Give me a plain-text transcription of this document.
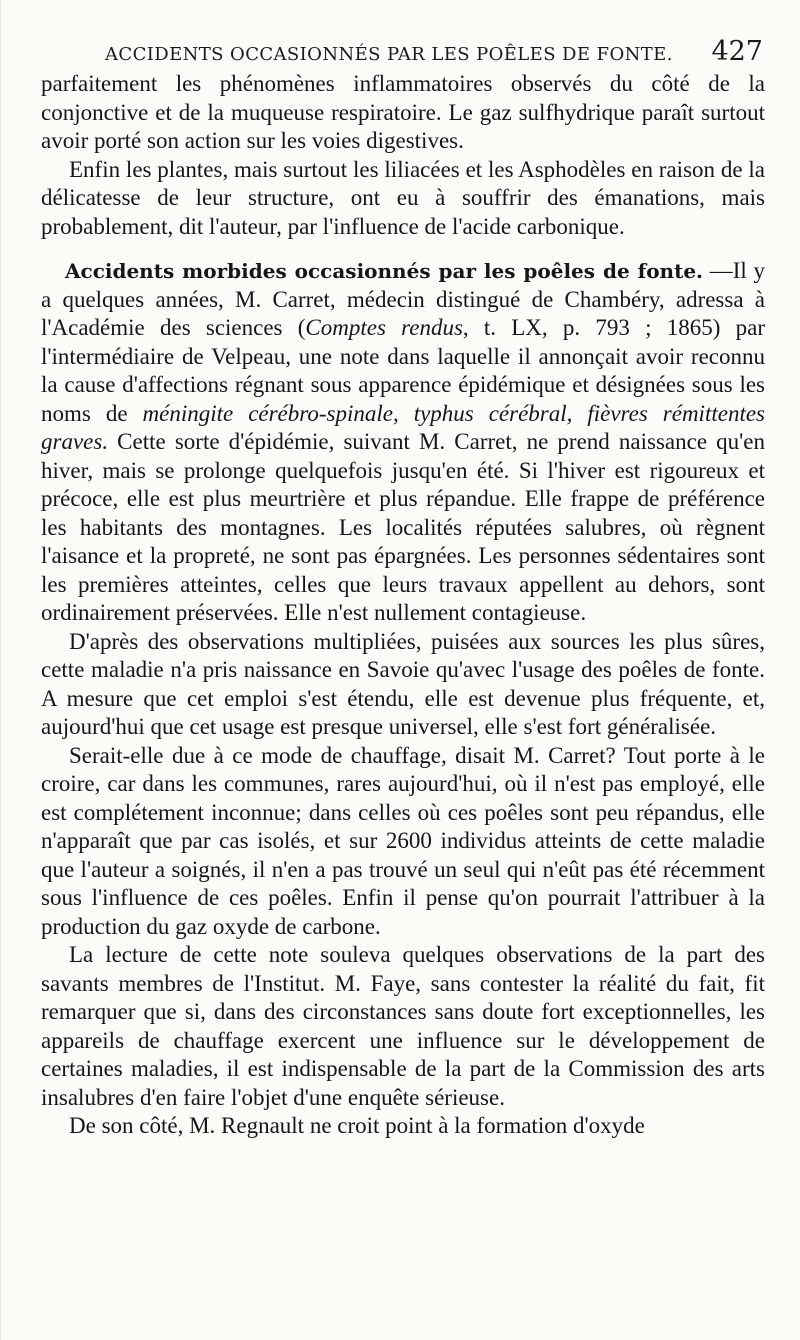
ACCIDENTS OCCASIONNÉS PAR LES POÊLES DE FONTE. 427

parfaitement les phénomènes inflammatoires observés du côté de la conjonctive et de la muqueuse respiratoire. Le gaz sulfhydrique paraît surtout avoir porté son action sur les voies digestives.

Enfin les plantes, mais surtout les liliacées et les Asphodèles en raison de la délicatesse de leur structure, ont eu à souffrir des émanations, mais probablement, dit l'auteur, par l'influence de l'acide carbonique.

Accidents morbides occasionnés par les poêles de fonte. —Il y a quelques années, M. Carret, médecin distingué de Chambéry, adressa à l'Académie des sciences (Comptes rendus, t. LX, p. 793 ; 1865) par l'intermédiaire de Velpeau, une note dans laquelle il annonçait avoir reconnu la cause d'affections régnant sous apparence épidémique et désignées sous les noms de méningite cérébro-spinale, typhus cérébral, fièvres rémittentes graves. Cette sorte d'épidémie, suivant M. Carret, ne prend naissance qu'en hiver, mais se prolonge quelquefois jusqu'en été. Si l'hiver est rigoureux et précoce, elle est plus meurtrière et plus répandue. Elle frappe de préférence les habitants des montagnes. Les localités réputées salubres, où règnent l'aisance et la propreté, ne sont pas épargnées. Les personnes sédentaires sont les premières atteintes, celles que leurs travaux appellent au dehors, sont ordinairement préservées. Elle n'est nullement contagieuse.

D'après des observations multipliées, puisées aux sources les plus sûres, cette maladie n'a pris naissance en Savoie qu'avec l'usage des poêles de fonte. A mesure que cet emploi s'est étendu, elle est devenue plus fréquente, et, aujourd'hui que cet usage est presque universel, elle s'est fort généralisée.

Serait-elle due à ce mode de chauffage, disait M. Carret? Tout porte à le croire, car dans les communes, rares aujourd'hui, où il n'est pas employé, elle est complétement inconnue; dans celles où ces poêles sont peu répandus, elle n'apparaît que par cas isolés, et sur 2600 individus atteints de cette maladie que l'auteur a soignés, il n'en a pas trouvé un seul qui n'eût pas été récemment sous l'influence de ces poêles. Enfin il pense qu'on pourrait l'attribuer à la production du gaz oxyde de carbone.

La lecture de cette note souleva quelques observations de la part des savants membres de l'Institut. M. Faye, sans contester la réalité du fait, fit remarquer que si, dans des circonstances sans doute fort exceptionnelles, les appareils de chauffage exercent une influence sur le développement de certaines maladies, il est indispensable de la part de la Commission des arts insalubres d'en faire l'objet d'une enquête sérieuse.

De son côté, M. Regnault ne croit point à la formation d'oxyde
